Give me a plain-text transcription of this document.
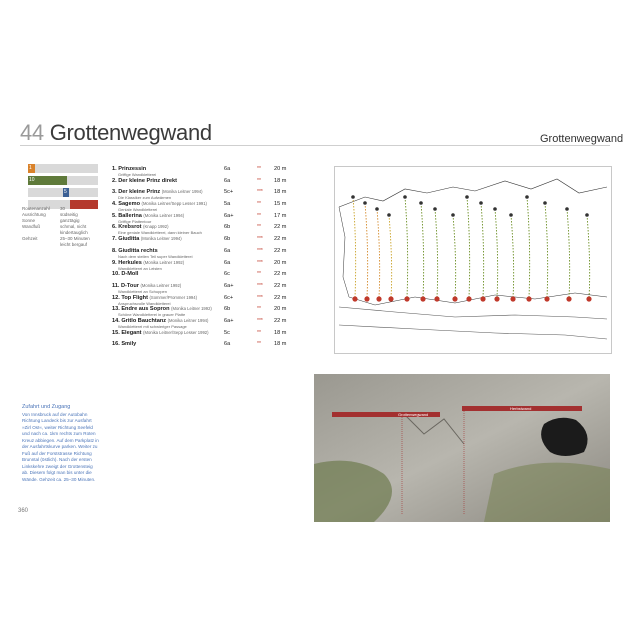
44 Grottenwegwand	Grottenwegwand
1
10
5
Routenanzahl	30
Ausrichtung	südseitig
Sonne	ganztägig
Wandfuß	schmal, nicht
kindertauglich
Gehzeit	25–30 Minuten
leicht bergauf
1. Prinzessin
Griffige Wandkletterei
6a	** 20 m
2. Der kleine Prinz direkt	6a	** 18 m
3. Der kleine Prinz (Monika Leitner 1994)
Die Klassiker zum Aufwärmen
5c+	*** 18 m
4. Sagemo (Monika Leitner/Sepp Lesser 1991)
Geniale Wandkletterei
5a	** 15 m
5. Ballerina (Monika Leitner 1994)
Griffige Plattentour
6a+	** 17 m
6. Krebsrot (Knapp 1992)
Eine geniale Wandkletterei, dann kleiner Bauch
6b	** 22 m
7. Giuditta (Monika Leitner 1994)	6b	*** 22 m
8. Giuditta rechts
Nach dem steilen Teil super Wandkletterei
6a	*** 22 m
9. Herkules (Monika Leitner 1992)
Wandkletterei an Leisten
6a	*** 20 m
10. D-Moll	6c	** 22 m
11. D-Tour (Monika Leitner 1992)
Wandkletterei an Schuppen
6a+	*** 22 m
12. Top Flight (Sommer/Prommer 1994)
Anspruchsvolle Wandkletterei
6c+	*** 22 m
13. Endre aus Sopron (Monika Leitner 1992)
Schöne Wandkletterei in grauer Platte
6b	** 20 m
14. Gritlo Bauchtanz (Monika Leitner 1994)
Wandkletterei mit schwieriger Passage
6a+	*** 22 m
15. Elegant (Monika Leitner/Sepp Lesser 1992)	5c	** 18 m
16. Smily	6a	** 18 m
Zufahrt und Zugang
Von Innsbruck auf der Autobahn Richtung Landeck bis zur Ausfahrt »Zirl Ost«, weiter Richtung Seefeld und nach ca. 1km rechts zum Roten Kreuz abbiegen. Auf dem Parkplatz in der Ausfahrtskurve parken. Weiter zu Fuß auf der Forststrasse Richtung Brunntal (östlich). Nach der ersten Linkskehre zweigt der Grottensteig ab. Diesem folgt man bis unter die Wände. Gehzeit ca. 25–30 Minuten.
Grottenwegwand
Herbstwand
360
